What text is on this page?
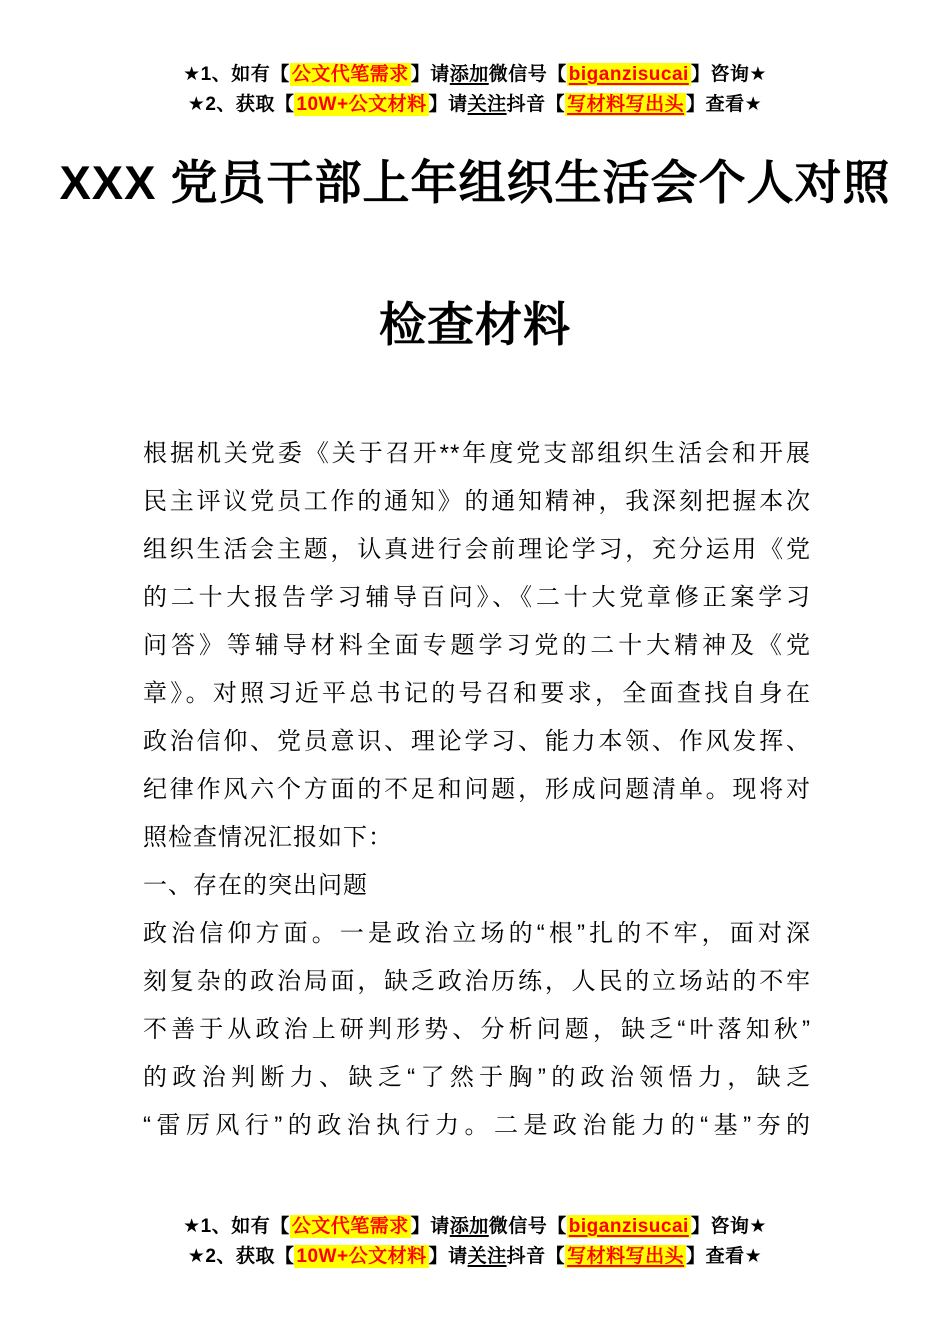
★1、如有【 公文代笔需求 】请添加微信号【 biganzisucai 】咨询★
★2、获取【 10W+公文材料 】请关注抖音【 写材料写出头 】查看★
XXX 党员干部上年组织生活会个人对照
检查材料
根据机关党委《关于召开**年度党支部组织生活会和开展
民主评议党员工作的通知》的通知精神，我深刻把握本次
组织生活会主题，认真进行会前理论学习，充分运用《党
的二十大报告学习辅导百问》、《二十大党章修正案学习
问答》等辅导材料全面专题学习党的二十大精神及《党
章》。对照习近平总书记的号召和要求，全面查找自身在
政治信仰、党员意识、理论学习、能力本领、作风发挥、
纪律作风六个方面的不足和问题，形成问题清单。现将对
照检查情况汇报如下：
一、存在的突出问题
政治信仰方面。一是政治立场的“根”扎的不牢，面对深
刻复杂的政治局面，缺乏政治历练，人民的立场站的不牢
不善于从政治上研判形势、分析问题，缺乏“叶落知秋”
的政治判断力、缺乏“了然于胸”的政治领悟力，缺乏
“雷厉风行”的政治执行力。二是政治能力的“基”夯的
★1、如有【 公文代笔需求 】请添加微信号【 biganzisucai 】咨询★
★2、获取【 10W+公文材料 】请关注抖音【 写材料写出头 】查看★
